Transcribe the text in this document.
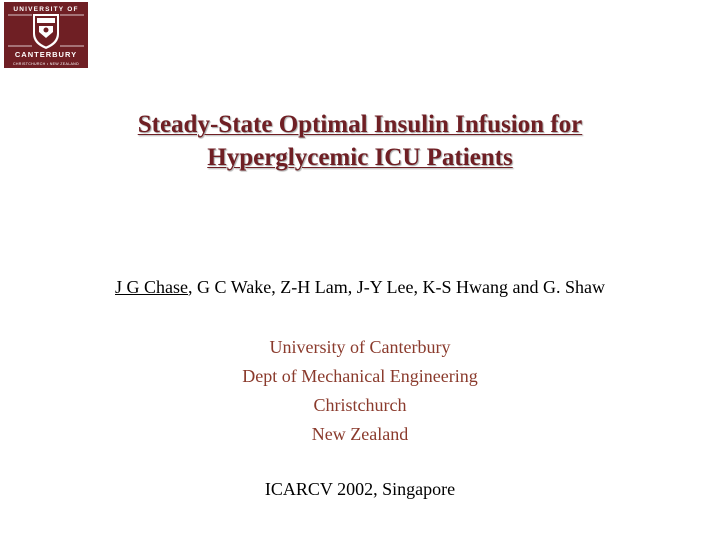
UNIVERSITY OF
CANTERBURY
CHRISTCHURCH • NEW ZEALAND
Steady-State Optimal Insulin Infusion for
Hyperglycemic ICU Patients
J G Chase, G C Wake, Z-H Lam, J-Y Lee, K-S Hwang and G. Shaw
University of Canterbury
Dept of Mechanical Engineering
Christchurch
New Zealand
ICARCV 2002, Singapore
